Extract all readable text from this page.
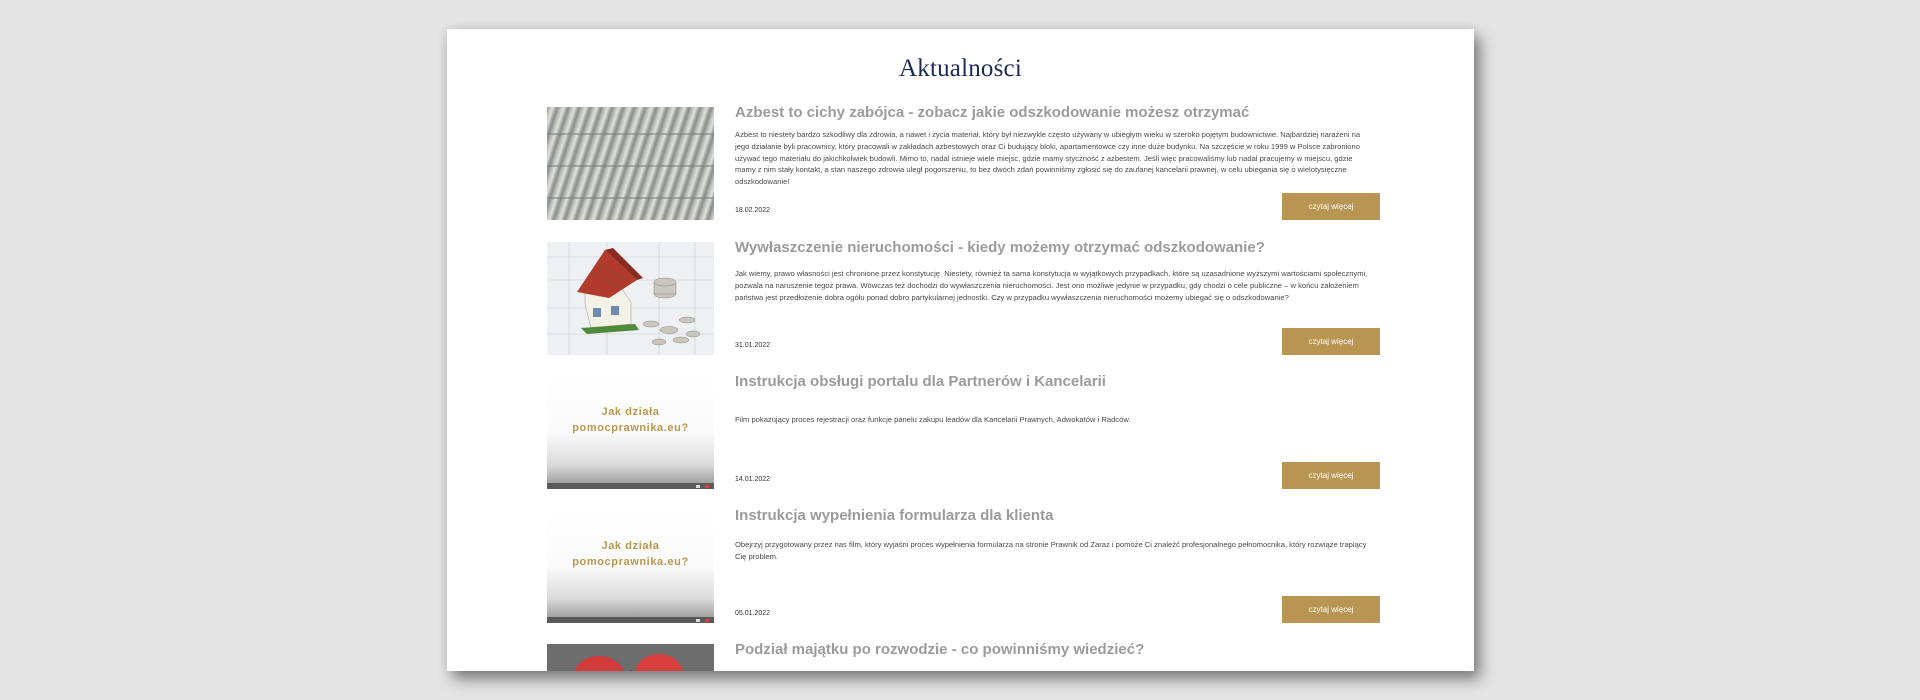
Aktualności
Azbest to cichy zabójca - zobacz jakie odszkodowanie możesz otrzymać

Azbest to niestety bardzo szkodliwy dla zdrowia, a nawet i życia materiał, który był niezwykle często używany w ubiegłym wieku w szeroko pojętym budownictwie. Najbardziej narażeni na jego działanie byli pracownicy, który pracowali w zakładach azbestowych oraz Ci budujący bloki, apartamentowce czy inne duże budynku. Na szczęście w roku 1999 w Polsce zabroniono używać tego materiału do jakichkolwiek budowli. Mimo to, nadal istnieje wiele miejsc, gdzie mamy styczność z azbestem. Jeśli więc pracowaliśmy lub nadal pracujemy w miejscu, gdzie mamy z nim stały kontakt, a stan naszego zdrowia uległ pogorszeniu, to bez dwóch zdań powinniśmy zgłosić się do zaufanej kancelarii prawnej, w celu ubiegania się o wielotysięczne odszkodowanie!

18.02.2022	czytaj więcej
Wywłaszczenie nieruchomości - kiedy możemy otrzymać odszkodowanie?

Jak wiemy, prawo własności jest chronione przez konstytucję. Niestety, również ta sama konstytucja w wyjątkowych przypadkach, które są uzasadnione wyższymi wartościami społecznymi, pozwala na naruszenie tegoż prawa. Wówczas też dochodzi do wywłaszczenia nieruchomości. Jest ono możliwe jedynie w przypadku, gdy chodzi o cele publiczne – w końcu założeniem państwa jest przedłożenie dobra ogółu ponad dobro partykularnej jednostki. Czy w przypadku wywłaszczenia nieruchomości możemy ubiegać się o odszkodowanie?

31.01.2022	czytaj więcej
Jak działa
pomocprawnika.eu?
Instrukcja obsługi portalu dla Partnerów i Kancelarii

Film pokazujący proces rejestracji oraz funkcje panelu zakupu leadów dla Kancelarii Prawnych, Adwokatów i Radców.

14.01.2022	czytaj więcej
Jak działa
pomocprawnika.eu?
Instrukcja wypełnienia formularza dla klienta

Obejrzyj przygotowany przez nas film, który wyjaśni proces wypełnienia formularza na stronie Prawnik od Zaraz i pomoże Ci znaleźć profesjonalnego pełnomocnika, który rozwiąże trapiący Cię problem.

05.01.2022	czytaj więcej
Podział majątku po rozwodzie - co powinniśmy wiedzieć?
